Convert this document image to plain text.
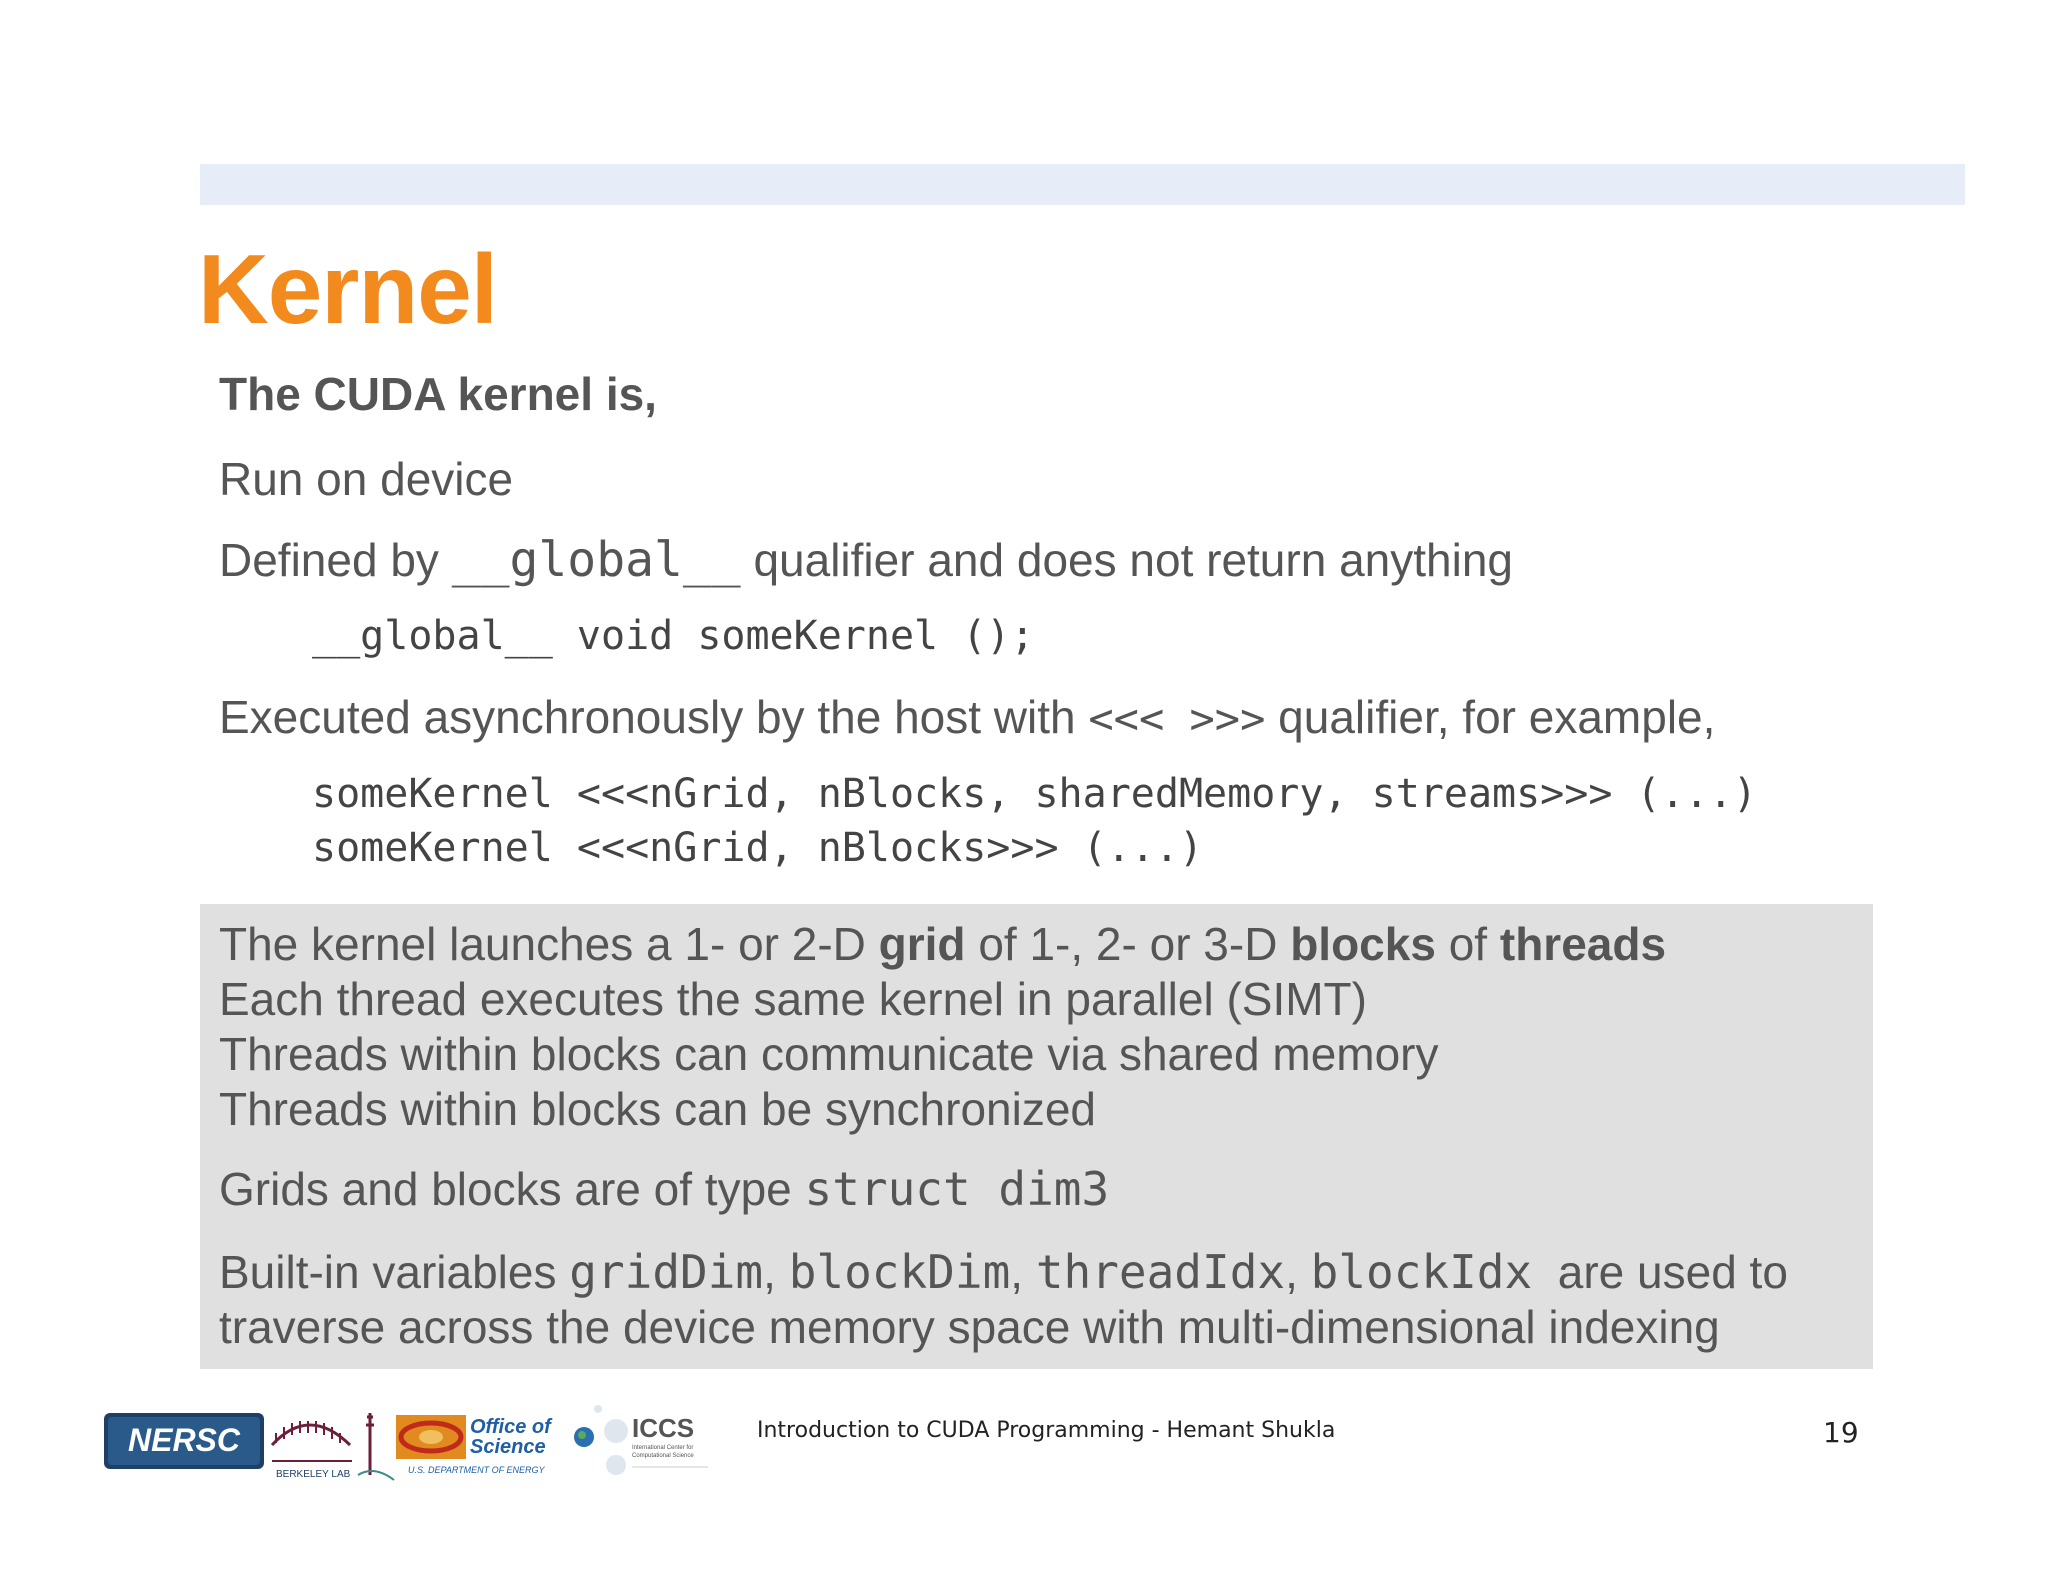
Kernel
The CUDA kernel is,
Run on device
Defined by __global__ qualifier and does not return anything
__global__ void someKernel ();
Executed asynchronously by the host with <<< >>> qualifier, for example,
someKernel <<<nGrid, nBlocks, sharedMemory, streams>>> (...)
someKernel <<<nGrid, nBlocks>>> (...)
The kernel launches a 1- or 2-D grid of 1-, 2- or 3-D blocks of threads
Each thread executes the same kernel in parallel (SIMT)
Threads within blocks can communicate via shared memory
Threads within blocks can be synchronized
Grids and blocks are of type struct dim3
Built-in variables gridDim, blockDim, threadIdx, blockIdx  are used to
traverse across the device memory space with multi-dimensional indexing
NERSC
BERKELEY LAB
Office of
Science
U.S. DEPARTMENT OF ENERGY
ICCS
International Center for
Computational Science
Introduction to CUDA Programming - Hemant Shukla	19
